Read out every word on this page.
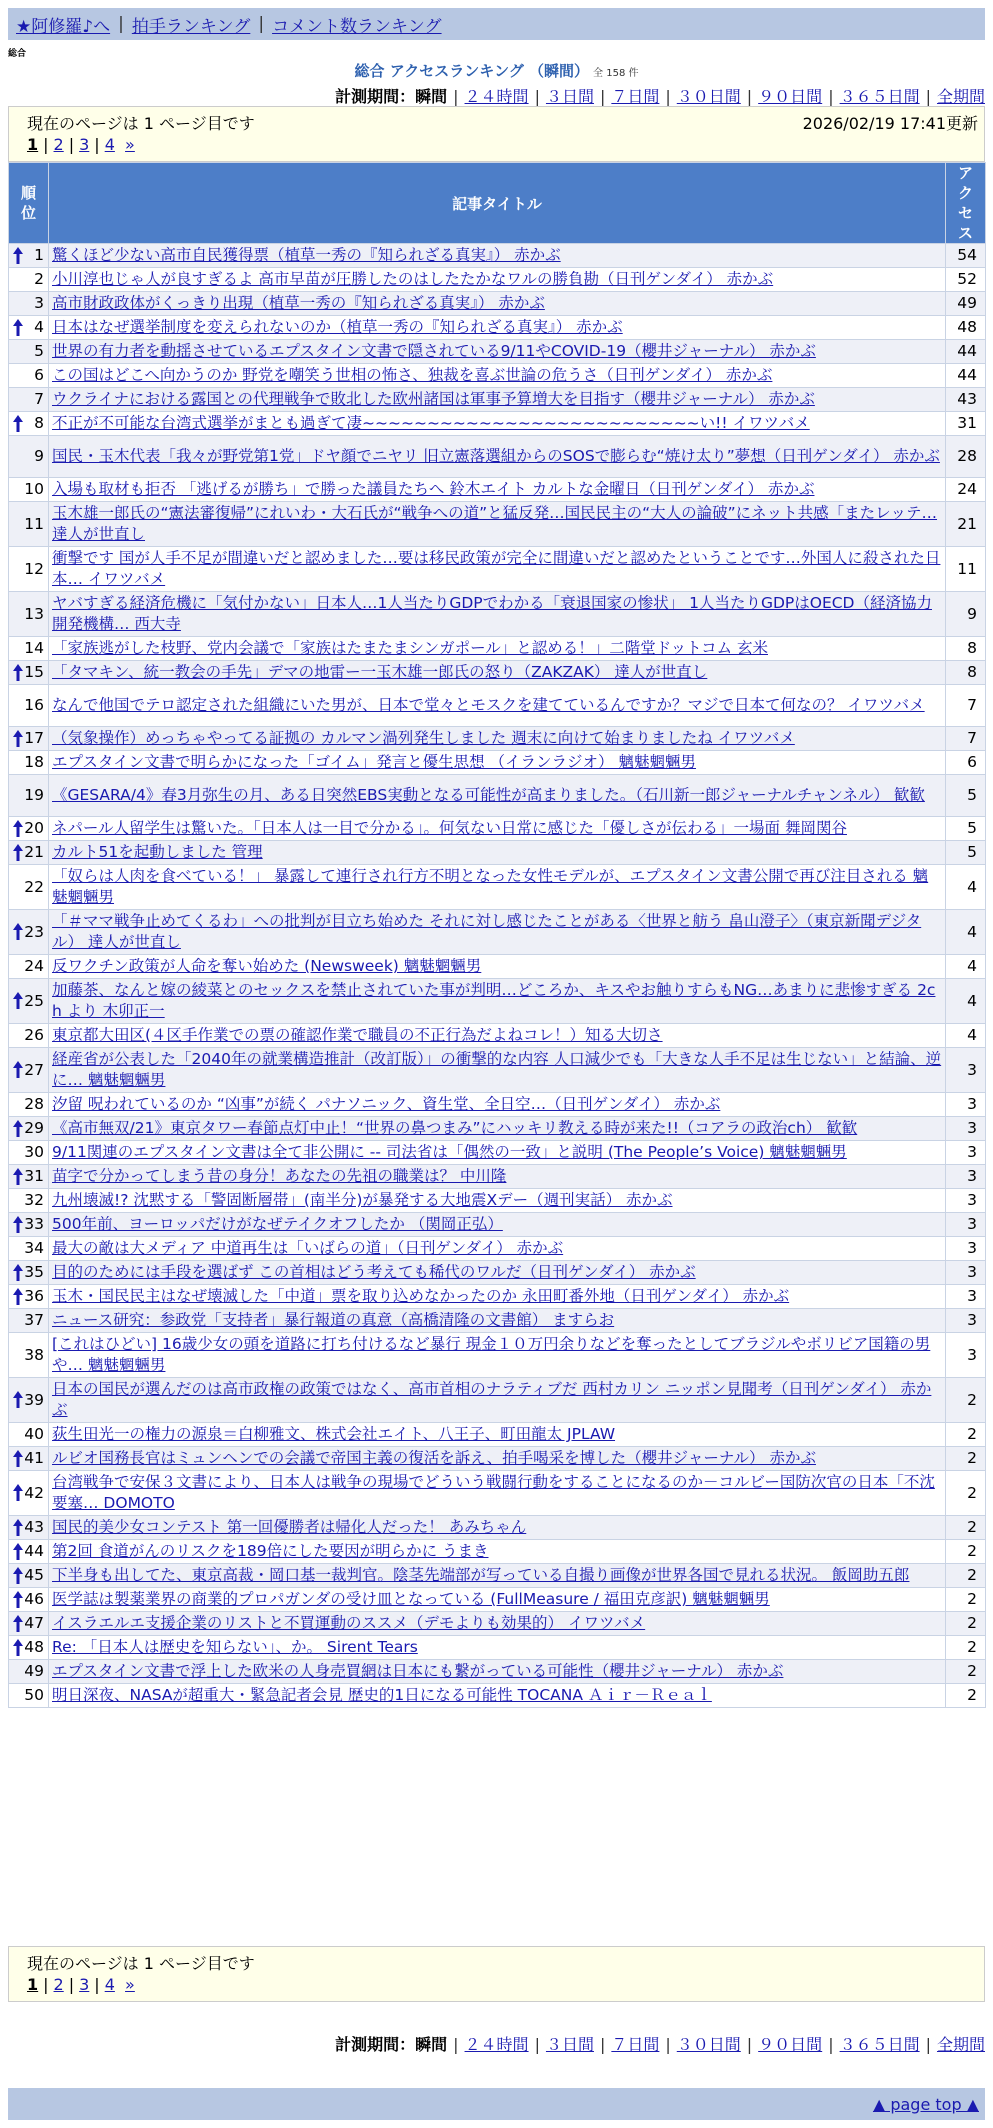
★阿修羅♪へ | 拍手ランキング | コメント数ランキング
総合
総合 アクセスランキング （瞬間） 全 158 件
計測期間：瞬間 | ２４時間 | ３日間 | ７日間 | ３０日間 | ９０日間 | ３６５日間 | 全期間
現在のページは 1 ページ目です	2026/02/19 17:41更新
1 | 2 | 3 | 4 »
順位	記事タイトル	アクセス

1	驚くほど少ない高市自民獲得票（植草一秀の『知られざる真実』） 赤かぶ	54
2	小川淳也じゃ人が良すぎるよ 高市早苗が圧勝したのはしたたかなワルの勝負勘（日刊ゲンダイ） 赤かぶ	52
3	高市財政政体がくっきり出現（植草一秀の『知られざる真実』） 赤かぶ	49

4	日本はなぜ選挙制度を変えられないのか（植草一秀の『知られざる真実』） 赤かぶ	48
5	世界の有力者を動揺させているエプスタイン文書で隠されている9/11やCOVID-19（櫻井ジャーナル） 赤かぶ	44
6	この国はどこへ向かうのか 野党を嘲笑う世相の怖さ、独裁を喜ぶ世論の危うさ（日刊ゲンダイ） 赤かぶ	44
7	ウクライナにおける露国との代理戦争で敗北した欧州諸国は軍事予算増大を目指す（櫻井ジャーナル） 赤かぶ	43

8	不正が不可能な台湾式選挙がまとも過ぎて凄~~~~~~~~~~~~~~~~~~~~~~~~~~い!! イワツバメ	31
9	国民・玉木代表「我々が野党第1党」ドヤ顔でニヤリ 旧立憲落選組からのSOSで膨らむ“焼け太り”夢想（日刊ゲンダイ） 赤かぶ	28
10	入場も取材も拒否 「逃げるが勝ち」で勝った議員たちへ 鈴木エイト カルトな金曜日（日刊ゲンダイ） 赤かぶ	24
11	玉木雄一郎氏の“憲法審復帰”にれいわ・大石氏が“戦争への道”と猛反発…国民民主の“大人の論破”にネット共感「またレッテ… 達人が世直し	21
12	衝撃です 国が人手不足が間違いだと認めました…要は移民政策が完全に間違いだと認めたということです…外国人に殺された日本… イワツバメ	11
13	ヤバすぎる経済危機に「気付かない」日本人…1人当たりGDPでわかる「衰退国家の惨状」 1人当たりGDPはOECD（経済協力開発機構… 西大寺	9
14	「家族逃がした枝野、党内会議で「家族はたまたまシンガポール」と認める！」二階堂ドットコム 玄米	8

15	「タマキン、統一教会の手先」デマの地雷ー一玉木雄一郎氏の怒り（ZAKZAK） 達人が世直し	8
16	なんで他国でテロ認定された組織にいた男が、日本で堂々とモスクを建てているんですか？マジで日本て何なの？ イワツバメ	7

17	（気象操作）めっちゃやってる証拠の カルマン渦列発生しました 週末に向けて始まりましたね イワツバメ	7
18	エプスタイン文書で明らかになった「ゴイム」発言と優生思想 （イランラジオ） 魑魅魍魎男	6
19	《GESARA/4》春3月弥生の月、ある日突然EBS実動となる可能性が高まりました。（石川新一郎ジャーナルチャンネル） 歓歓	5

20	ネパール人留学生は驚いた。「日本人は一目で分かる」。何気ない日常に感じた「優しさが伝わる」一場面 舞岡関谷	5

21	カルト51を起動しました 管理	5
22	「奴らは人肉を食べている！」 暴露して連行され行方不明となった女性モデルが、エプスタイン文書公開で再び注目される 魑魅魍魎男	4

23	「＃ママ戦争止めてくるわ」への批判が目立ち始めた それに対し感じたことがある〈世界と舫う 畠山澄子〉（東京新聞デジタル） 達人が世直し	4
24	反ワクチン政策が人命を奪い始めた (Newsweek) 魑魅魍魎男	4

25	加藤茶、なんと嫁の綾菜とのセックスを禁止されていた事が判明…どころか、キスやお触りすらもNG…あまりに悲惨すぎる 2ch より 木卯正一	4
26	東京都大田区(４区手作業での票の確認作業で職員の不正行為だよねコレ！）知る大切さ	4

27	経産省が公表した「2040年の就業構造推計（改訂版）」の衝撃的な内容 人口減少でも「大きな人手不足は生じない」と結論、逆に… 魑魅魍魎男	3
28	汐留 呪われているのか “凶事”が続く パナソニック、資生堂、全日空…（日刊ゲンダイ） 赤かぶ	3

29	《高市無双/21》東京タワー春節点灯中止！“世界の鼻つまみ”にハッキリ教える時が来た!!（コアラの政治ch） 歓歓	3
30	9/11関連のエプスタイン文書は全て非公開に -- 司法省は「偶然の一致」と説明 (The People’s Voice) 魑魅魍魎男	3

31	苗字で分かってしまう昔の身分！あなたの先祖の職業は？ 中川隆	3
32	九州壊滅!? 沈黙する「警固断層帯」(南半分)が暴発する大地震Xデー（週刊実話） 赤かぶ	3

33	500年前、ヨーロッパだけがなぜテイクオフしたか （関岡正弘）	3
34	最大の敵は大メディア 中道再生は「いばらの道」（日刊ゲンダイ） 赤かぶ	3

35	目的のためには手段を選ばず この首相はどう考えても稀代のワルだ（日刊ゲンダイ） 赤かぶ	3

36	玉木・国民民主はなぜ壊滅した「中道」票を取り込めなかったのか 永田町番外地（日刊ゲンダイ） 赤かぶ	3
37	ニュース研究：参政党「支持者」暴行報道の真意（高橋清隆の文書館） ますらお	3
38	[これはひどい] 16歳少女の頭を道路に打ち付けるなど暴行 現金１０万円余りなどを奪ったとしてブラジルやボリビア国籍の男や… 魑魅魍魎男	3

39	日本の国民が選んだのは高市政権の政策ではなく、高市首相のナラティブだ 西村カリン ニッポン見聞考（日刊ゲンダイ） 赤かぶ	2
40	荻生田光一の権力の源泉＝白柳雅文、株式会社エイト、八王子、町田龍太 JPLAW	2

41	ルビオ国務長官はミュンヘンでの会議で帝国主義の復活を訴え、拍手喝采を博した（櫻井ジャーナル） 赤かぶ	2

42	台湾戦争で安保３文書により、日本人は戦争の現場でどういう戦闘行動をすることになるのか－コルビー国防次官の日本「不沈要塞… DOMOTO	2

43	国民的美少女コンテスト 第一回優勝者は帰化人だった！ あみちゃん	2

44	第2回 食道がんのリスクを189倍にした要因が明らかに うまき	2

45	下半身も出してた、東京高裁・岡口基一裁判官。陰茎先端部が写っている自撮り画像が世界各国で見れる状況。 飯岡助五郎	2

46	医学誌は製薬業界の商業的プロパガンダの受け皿となっている (FullMeasure / 福田克彦訳) 魑魅魍魎男	2

47	イスラエルエ支援企業のリストと不買運動のススメ（デモよりも効果的） イワツバメ	2

48	Re: 「日本人は歴史を知らない」、か。 Sirent Tears	2
49	エプスタイン文書で浮上した欧米の人身売買網は日本にも繋がっている可能性（櫻井ジャーナル） 赤かぶ	2
50	明日深夜、NASAが超重大・緊急記者会見 歴史的1日になる可能性 TOCANA Ａｉｒ－Ｒｅａｌ	2
現在のページは 1 ページ目です
1 | 2 | 3 | 4 »
計測期間：瞬間 | ２４時間 | ３日間 | ７日間 | ３０日間 | ９０日間 | ３６５日間 | 全期間
▲ page top ▲
